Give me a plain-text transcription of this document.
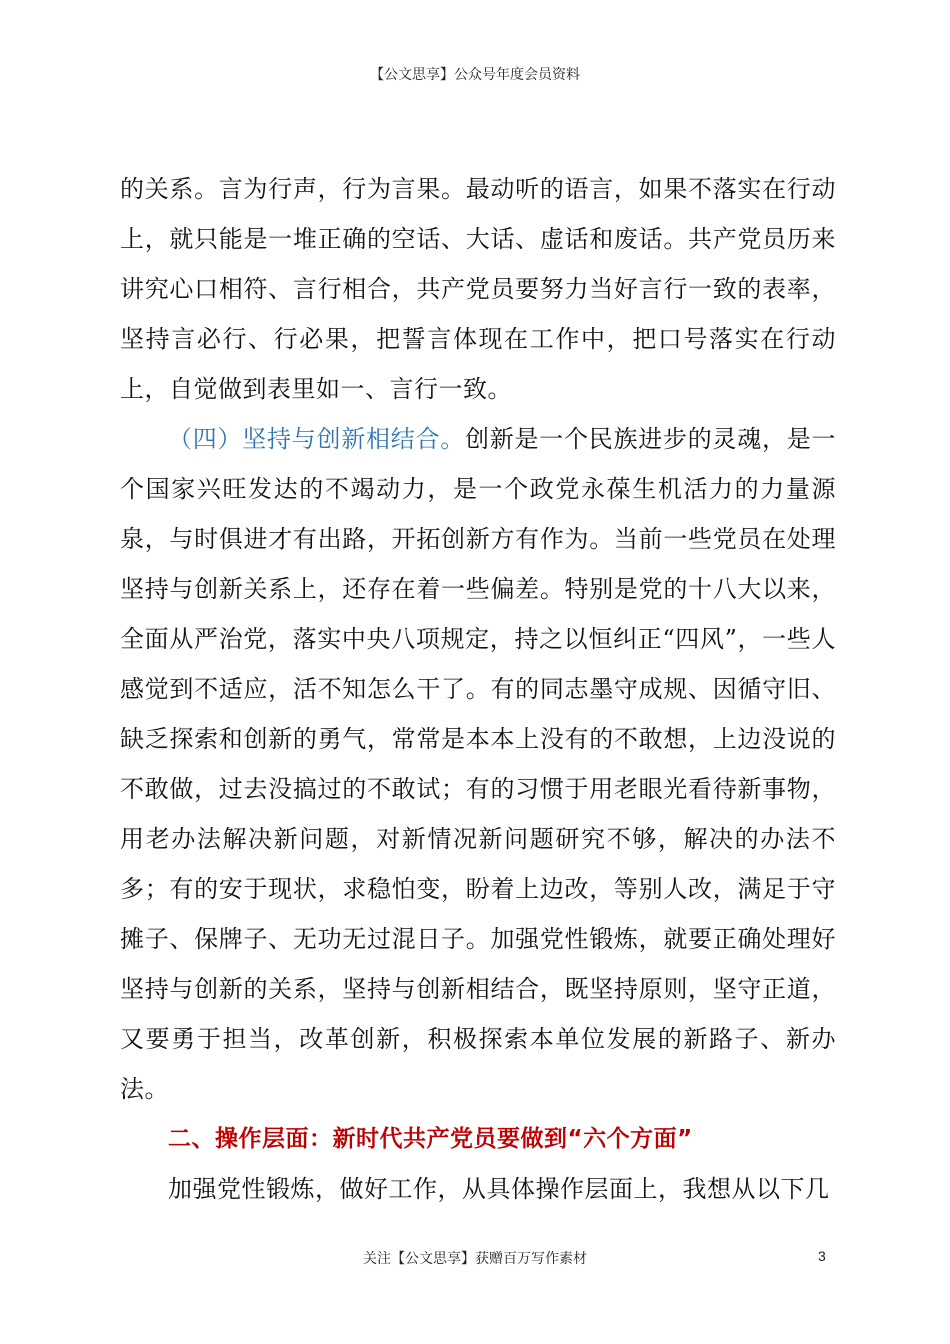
【公文思享】公众号年度会员资料

的关系。言为行声，行为言果。最动听的语言，如果不落实在行动上，就只能是一堆正确的空话、大话、虚话和废话。共产党员历来讲究心口相符、言行相合，共产党员要努力当好言行一致的表率，坚持言必行、行必果，把誓言体现在工作中，把口号落实在行动上，自觉做到表里如一、言行一致。

（四）坚持与创新相结合。创新是一个民族进步的灵魂，是一个国家兴旺发达的不竭动力，是一个政党永葆生机活力的力量源泉，与时俱进才有出路，开拓创新方有作为。当前一些党员在处理坚持与创新关系上，还存在着一些偏差。特别是党的十八大以来，全面从严治党，落实中央八项规定，持之以恒纠正“四风”，一些人感觉到不适应，活不知怎么干了。有的同志墨守成规、因循守旧、缺乏探索和创新的勇气，常常是本本上没有的不敢想，上边没说的不敢做，过去没搞过的不敢试；有的习惯于用老眼光看待新事物，用老办法解决新问题，对新情况新问题研究不够，解决的办法不多；有的安于现状，求稳怕变，盼着上边改，等别人改，满足于守摊子、保牌子、无功无过混日子。加强党性锻炼，就要正确处理好坚持与创新的关系，坚持与创新相结合，既坚持原则，坚守正道，又要勇于担当，改革创新，积极探索本单位发展的新路子、新办法。

二、操作层面：新时代共产党员要做到“六个方面”

加强党性锻炼，做好工作，从具体操作层面上，我想从以下几

关注【公文思享】获赠百万写作素材	3
